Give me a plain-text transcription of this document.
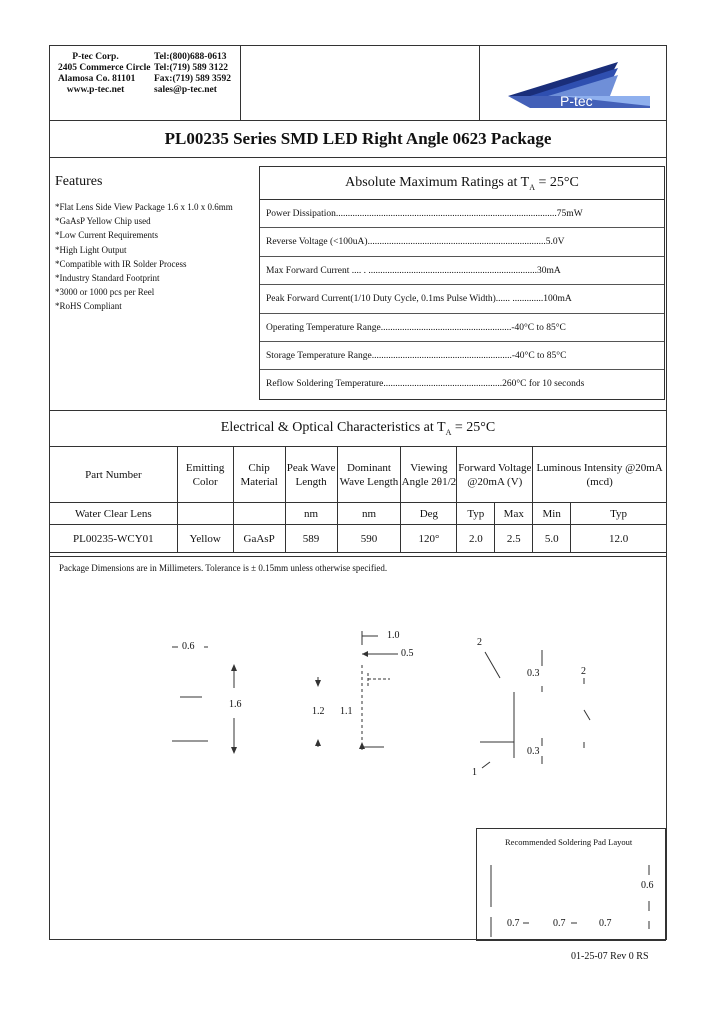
P-tec Corp.
2405 Commerce Circle
Alamosa Co. 81101
www.p-tec.net
Tel:(800)688-0613
Tel:(719) 589 3122
Fax:(719) 589 3592
sales@p-tec.net
P-tec
PL00235 Series SMD LED Right Angle 0623 Package
Features
*Flat Lens Side View Package 1.6 x 1.0 x 0.6mm
*GaAsP Yellow Chip used
*Low Current Requirements
*High Light Output
*Compatible with IR Solder Process
*Industry Standard Footprint
*3000 or 1000 pcs per Reel
*RoHS Compliant
Absolute Maximum Ratings at $T_A = 25^\circ C$
Power Dissipation.............................................................................................75mW
Reverse Voltage (<100uA)...........................................................................5.0V
Max Forward Current .... . .......................................................................30mA
Peak Forward Current(1/10 Duty Cycle, 0.1ms Pulse Width)...... .............100mA
Operating Temperature Range.......................................................-40°C to 85°C
Storage Temperature Range...........................................................-40°C to 85°C
Reflow Soldering Temperature..................................................260°C for 10 seconds
Electrical & Optical Characteristics at $T_A = 25^\circ C$
Part Number	Emitting Color	Chip Material	Peak Wave Length	Dominant Wave Length	Viewing Angle 2θ1/2	Forward Voltage @20mA (V)		Luminous Intensity @20mA (mcd)	
Water Clear Lens			nm	nm	Deg	Typ	Max	Min	Typ
PL00235-WCY01	Yellow	GaAsP	589	590	120°	2.0	2.5	5.0	12.0
Package Dimensions are in Millimeters. Tolerance is ± 0.15mm unless otherwise specified.
0.6
1.6
1.0
0.5
1.2 1.1
2
0.3	2
0.3
1
Recommended Soldering Pad Layout
0.6
0.7	0.7	0.7
01-25-07 Rev 0 RS
